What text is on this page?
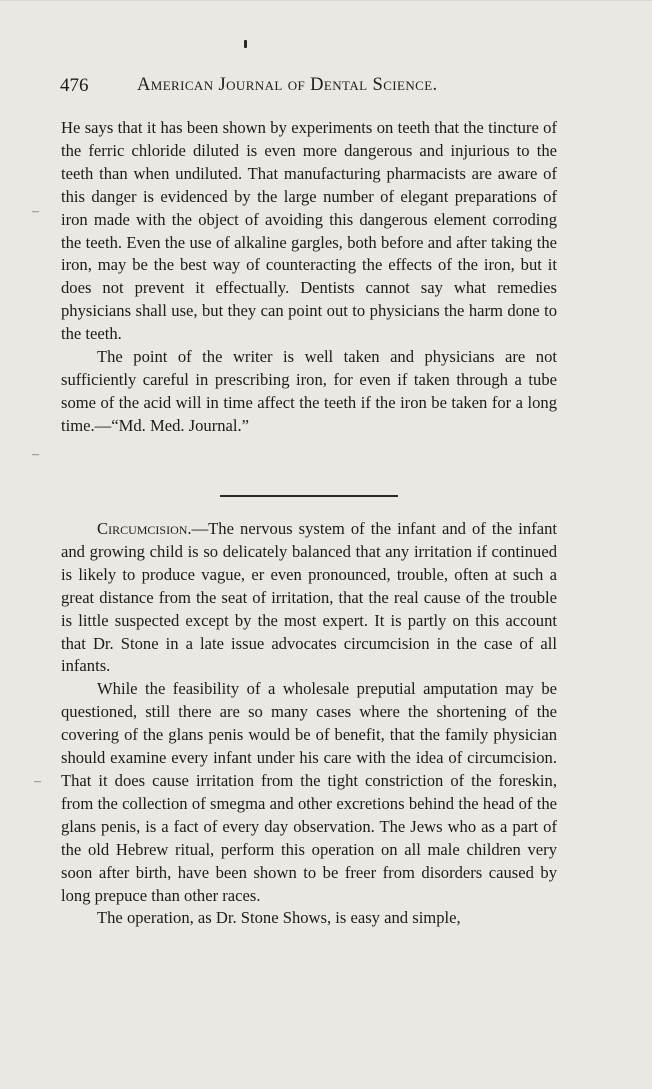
476	American Journal of Dental Science.
–
–
–

He says that it has been shown by experiments on teeth that the tincture of the ferric chloride diluted is even more dangerous and injurious to the teeth than when undiluted. That manufacturing pharmacists are aware of this danger is evidenced by the large number of elegant preparations of iron made with the object of avoiding this dangerous element corroding the teeth. Even the use of alkaline gargles, both before and after taking the iron, may be the best way of counteracting the effects of the iron, but it does not prevent it effectually. Dentists cannot say what remedies physicians shall use, but they can point out to physicians the harm done to the teeth.

The point of the writer is well taken and physicians are not sufficiently careful in prescribing iron, for even if taken through a tube some of the acid will in time affect the teeth if the iron be taken for a long time.—“Md. Med. Journal.”

Circumcision.—The nervous system of the infant and of the infant and growing child is so delicately balanced that any irritation if continued is likely to produce vague, er even pronounced, trouble, often at such a great distance from the seat of irritation, that the real cause of the trouble is little suspected except by the most expert. It is partly on this account that Dr. Stone in a late issue advocates circumcision in the case of all infants.

While the feasibility of a wholesale preputial amputation may be questioned, still there are so many cases where the shortening of the covering of the glans penis would be of benefit, that the family physician should examine every infant under his care with the idea of circumcision. That it does cause irritation from the tight constriction of the foreskin, from the collection of smegma and other excretions behind the head of the glans penis, is a fact of every day observation. The Jews who as a part of the old Hebrew ritual, perform this operation on all male children very soon after birth, have been shown to be freer from disorders caused by long prepuce than other races.

The operation, as Dr. Stone Shows, is easy and simple,
